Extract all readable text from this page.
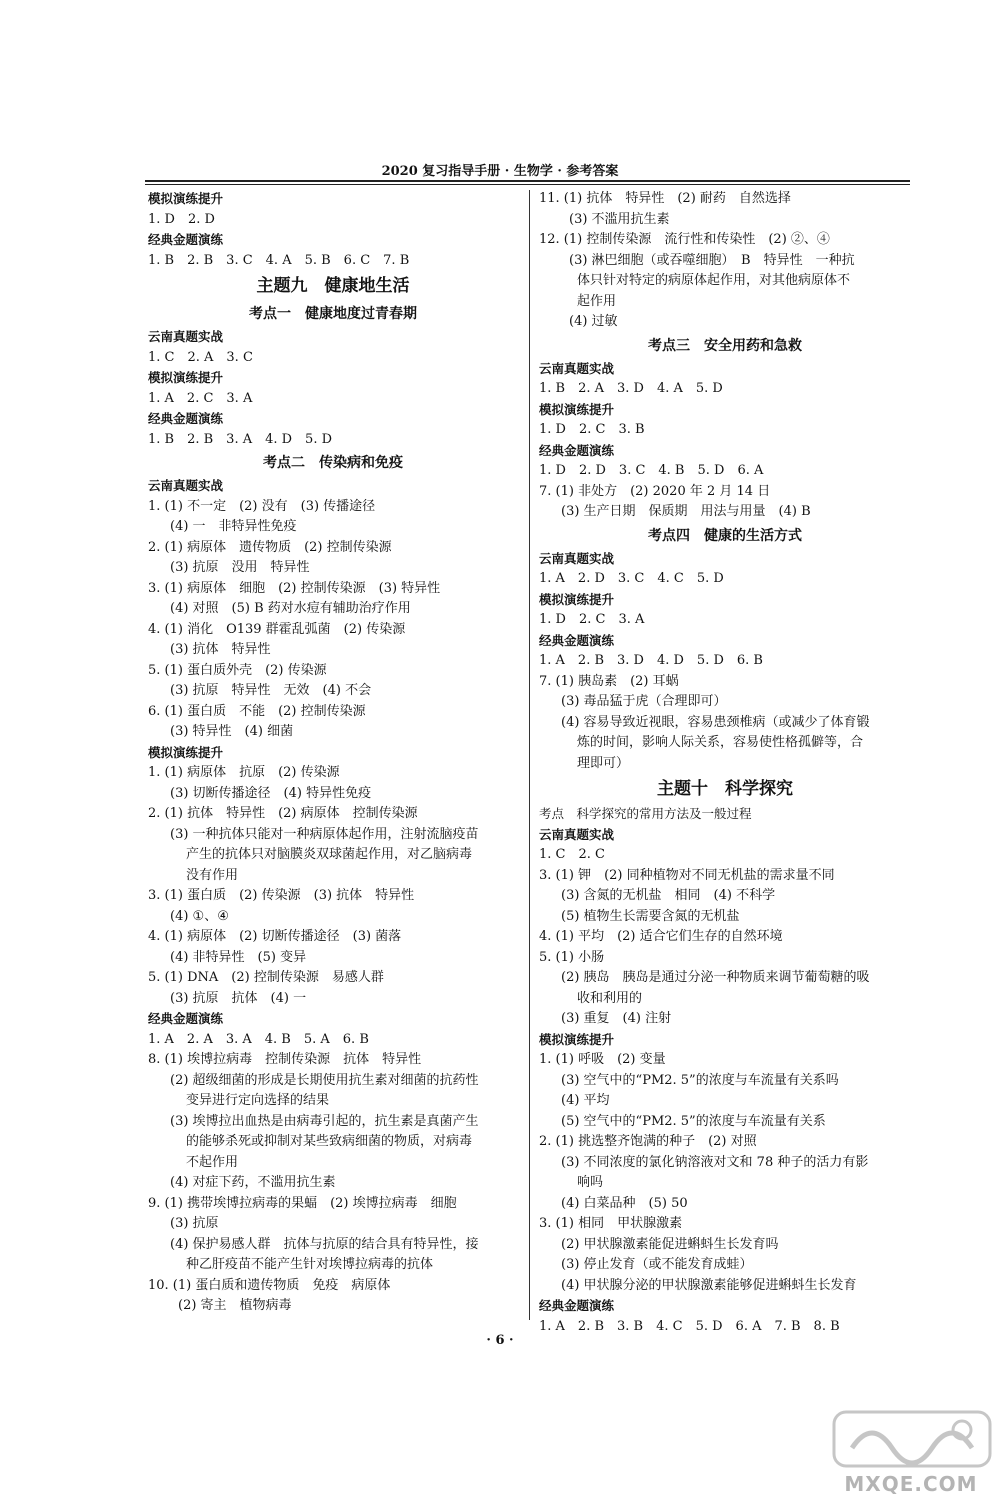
2020 复习指导手册 · 生物学 · 参考答案
模拟演练提升
1. D　2. D
经典金题演练
1. B　2. B　3. C　4. A　5. B　6. C　7. B
主题九　健康地生活
考点一　健康地度过青春期
云南真题实战
1. C　2. A　3. C
模拟演练提升
1. A　2. C　3. A
经典金题演练
1. B　2. B　3. A　4. D　5. D
考点二　传染病和免疫
云南真题实战
1. (1) 不一定　(2) 没有　(3) 传播途径
(4) 一　非特异性免疫
2. (1) 病原体　遗传物质　(2) 控制传染源
(3) 抗原　没用　特异性
3. (1) 病原体　细胞　(2) 控制传染源　(3) 特异性
(4) 对照　(5) B 药对水痘有辅助治疗作用
4. (1) 消化　O139 群霍乱弧菌　(2) 传染源
(3) 抗体　特异性
5. (1) 蛋白质外壳　(2) 传染源
(3) 抗原　特异性　无效　(4) 不会
6. (1) 蛋白质　不能　(2) 控制传染源
(3) 特异性　(4) 细菌
模拟演练提升
1. (1) 病原体　抗原　(2) 传染源
(3) 切断传播途径　(4) 特异性免疫
2. (1) 抗体　特异性　(2) 病原体　控制传染源
(3) 一种抗体只能对一种病原体起作用，注射流脑疫苗
产生的抗体只对脑膜炎双球菌起作用，对乙脑病毒
没有作用
3. (1) 蛋白质　(2) 传染源　(3) 抗体　特异性
(4) ①、④
4. (1) 病原体　(2) 切断传播途径　(3) 菌落
(4) 非特异性　(5) 变异
5. (1) DNA　(2) 控制传染源　易感人群
(3) 抗原　抗体　(4) 一
经典金题演练
1. A　2. A　3. A　4. B　5. A　6. B
8. (1) 埃博拉病毒　控制传染源　抗体　特异性
(2) 超级细菌的形成是长期使用抗生素对细菌的抗药性
变异进行定向选择的结果
(3) 埃博拉出血热是由病毒引起的，抗生素是真菌产生
的能够杀死或抑制对某些致病细菌的物质，对病毒
不起作用
(4) 对症下药，不滥用抗生素
9. (1) 携带埃博拉病毒的果蝠　(2) 埃博拉病毒　细胞
(3) 抗原
(4) 保护易感人群　抗体与抗原的结合具有特异性，接
种乙肝疫苗不能产生针对埃博拉病毒的抗体
10. (1) 蛋白质和遗传物质　免疫　病原体
(2) 寄主　植物病毒
11. (1) 抗体　特异性　(2) 耐药　自然选择
(3) 不滥用抗生素
12. (1) 控制传染源　流行性和传染性　(2) ②、④
(3) 淋巴细胞（或吞噬细胞）　B　特异性　一种抗
体只针对特定的病原体起作用，对其他病原体不
起作用
(4) 过敏
考点三　安全用药和急救
云南真题实战
1. B　2. A　3. D　4. A　5. D
模拟演练提升
1. D　2. C　3. B
经典金题演练
1. D　2. D　3. C　4. B　5. D　6. A
7. (1) 非处方　(2) 2020 年 2 月 14 日
(3) 生产日期　保质期　用法与用量　(4) B
考点四　健康的生活方式
云南真题实战
1. A　2. D　3. C　4. C　5. D
模拟演练提升
1. D　2. C　3. A
经典金题演练
1. A　2. B　3. D　4. D　5. D　6. B
7. (1) 胰岛素　(2) 耳蜗
(3) 毒品猛于虎（合理即可）
(4) 容易导致近视眼，容易患颈椎病（或减少了体育锻
炼的时间，影响人际关系，容易使性格孤僻等，合
理即可）
主题十　科学探究
考点　科学探究的常用方法及一般过程
云南真题实战
1. C　2. C
3. (1) 钾　(2) 同种植物对不同无机盐的需求量不同
(3) 含氮的无机盐　相同　(4) 不科学
(5) 植物生长需要含氮的无机盐
4. (1) 平均　(2) 适合它们生存的自然环境
5. (1) 小肠
(2) 胰岛　胰岛是通过分泌一种物质来调节葡萄糖的吸
收和利用的
(3) 重复　(4) 注射
模拟演练提升
1. (1) 呼吸　(2) 变量
(3) 空气中的“PM2. 5”的浓度与车流量有关系吗
(4) 平均
(5) 空气中的“PM2. 5”的浓度与车流量有关系
2. (1) 挑选整齐饱满的种子　(2) 对照
(3) 不同浓度的氯化钠溶液对文和 78 种子的活力有影
响吗
(4) 白菜品种　(5) 50
3. (1) 相同　甲状腺激素
(2) 甲状腺激素能促进蝌蚪生长发育吗
(3) 停止发育（或不能发育成蛙）
(4) 甲状腺分泌的甲状腺激素能够促进蝌蚪生长发育
经典金题演练
1. A　2. B　3. B　4. C　5. D　6. A　7. B　8. B
· 6 ·
MXQE.COM
